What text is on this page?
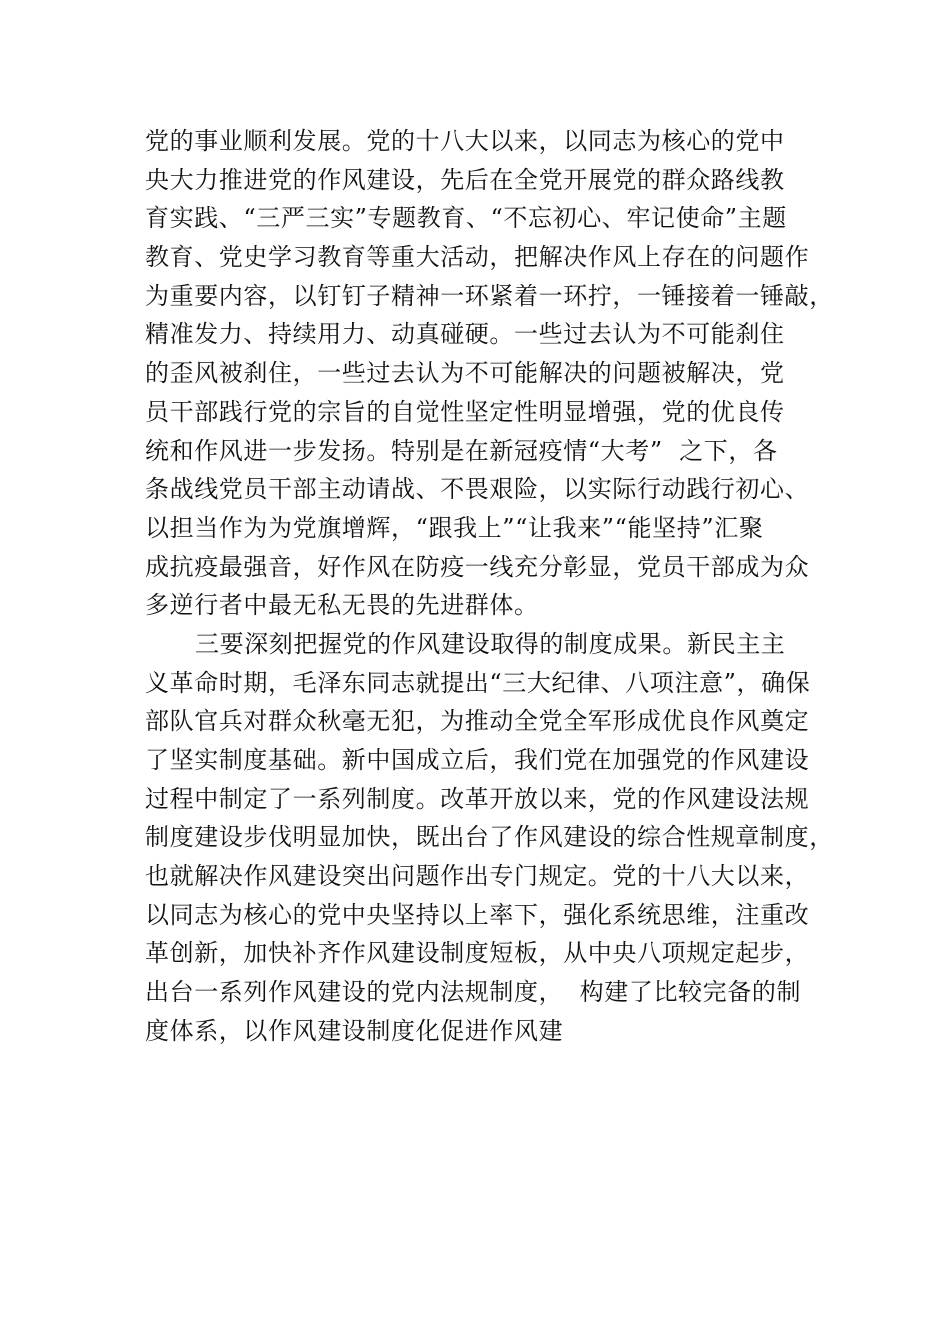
党的事业顺利发展。党的十八大以来，以同志为核心的党中
央大力推进党的作风建设，先后在全党开展党的群众路线教
育实践、“三严三实”专题教育、“不忘初心、牢记使命”主题
教育、党史学习教育等重大活动，把解决作风上存在的问题作
为重要内容，以钉钉子精神一环紧着一环拧，一锤接着一锤敲，
精准发力、持续用力、动真碰硬。一些过去认为不可能刹住
的歪风被刹住，一些过去认为不可能解决的问题被解决，党
员干部践行党的宗旨的自觉性坚定性明显增强，党的优良传
统和作风进一步发扬。特别是在新冠疫情“大考”  之下，各
条战线党员干部主动请战、不畏艰险，以实际行动践行初心、
以担当作为为党旗增辉，“跟我上”“让我来”“能坚持”汇聚
成抗疫最强音，好作风在防疫一线充分彰显，党员干部成为众
多逆行者中最无私无畏的先进群体。
三要深刻把握党的作风建设取得的制度成果。新民主主
义革命时期，毛泽东同志就提出“三大纪律、八项注意”，确保
部队官兵对群众秋毫无犯，为推动全党全军形成优良作风奠定
了坚实制度基础。新中国成立后，我们党在加强党的作风建设
过程中制定了一系列制度。改革开放以来，党的作风建设法规
制度建设步伐明显加快，既出台了作风建设的综合性规章制度，
也就解决作风建设突出问题作出专门规定。党的十八大以来，
以同志为核心的党中央坚持以上率下，强化系统思维，注重改
革创新，加快补齐作风建设制度短板，从中央八项规定起步，
出台一系列作风建设的党内法规制度，  构建了比较完备的制
度体系，以作风建设制度化促进作风建
